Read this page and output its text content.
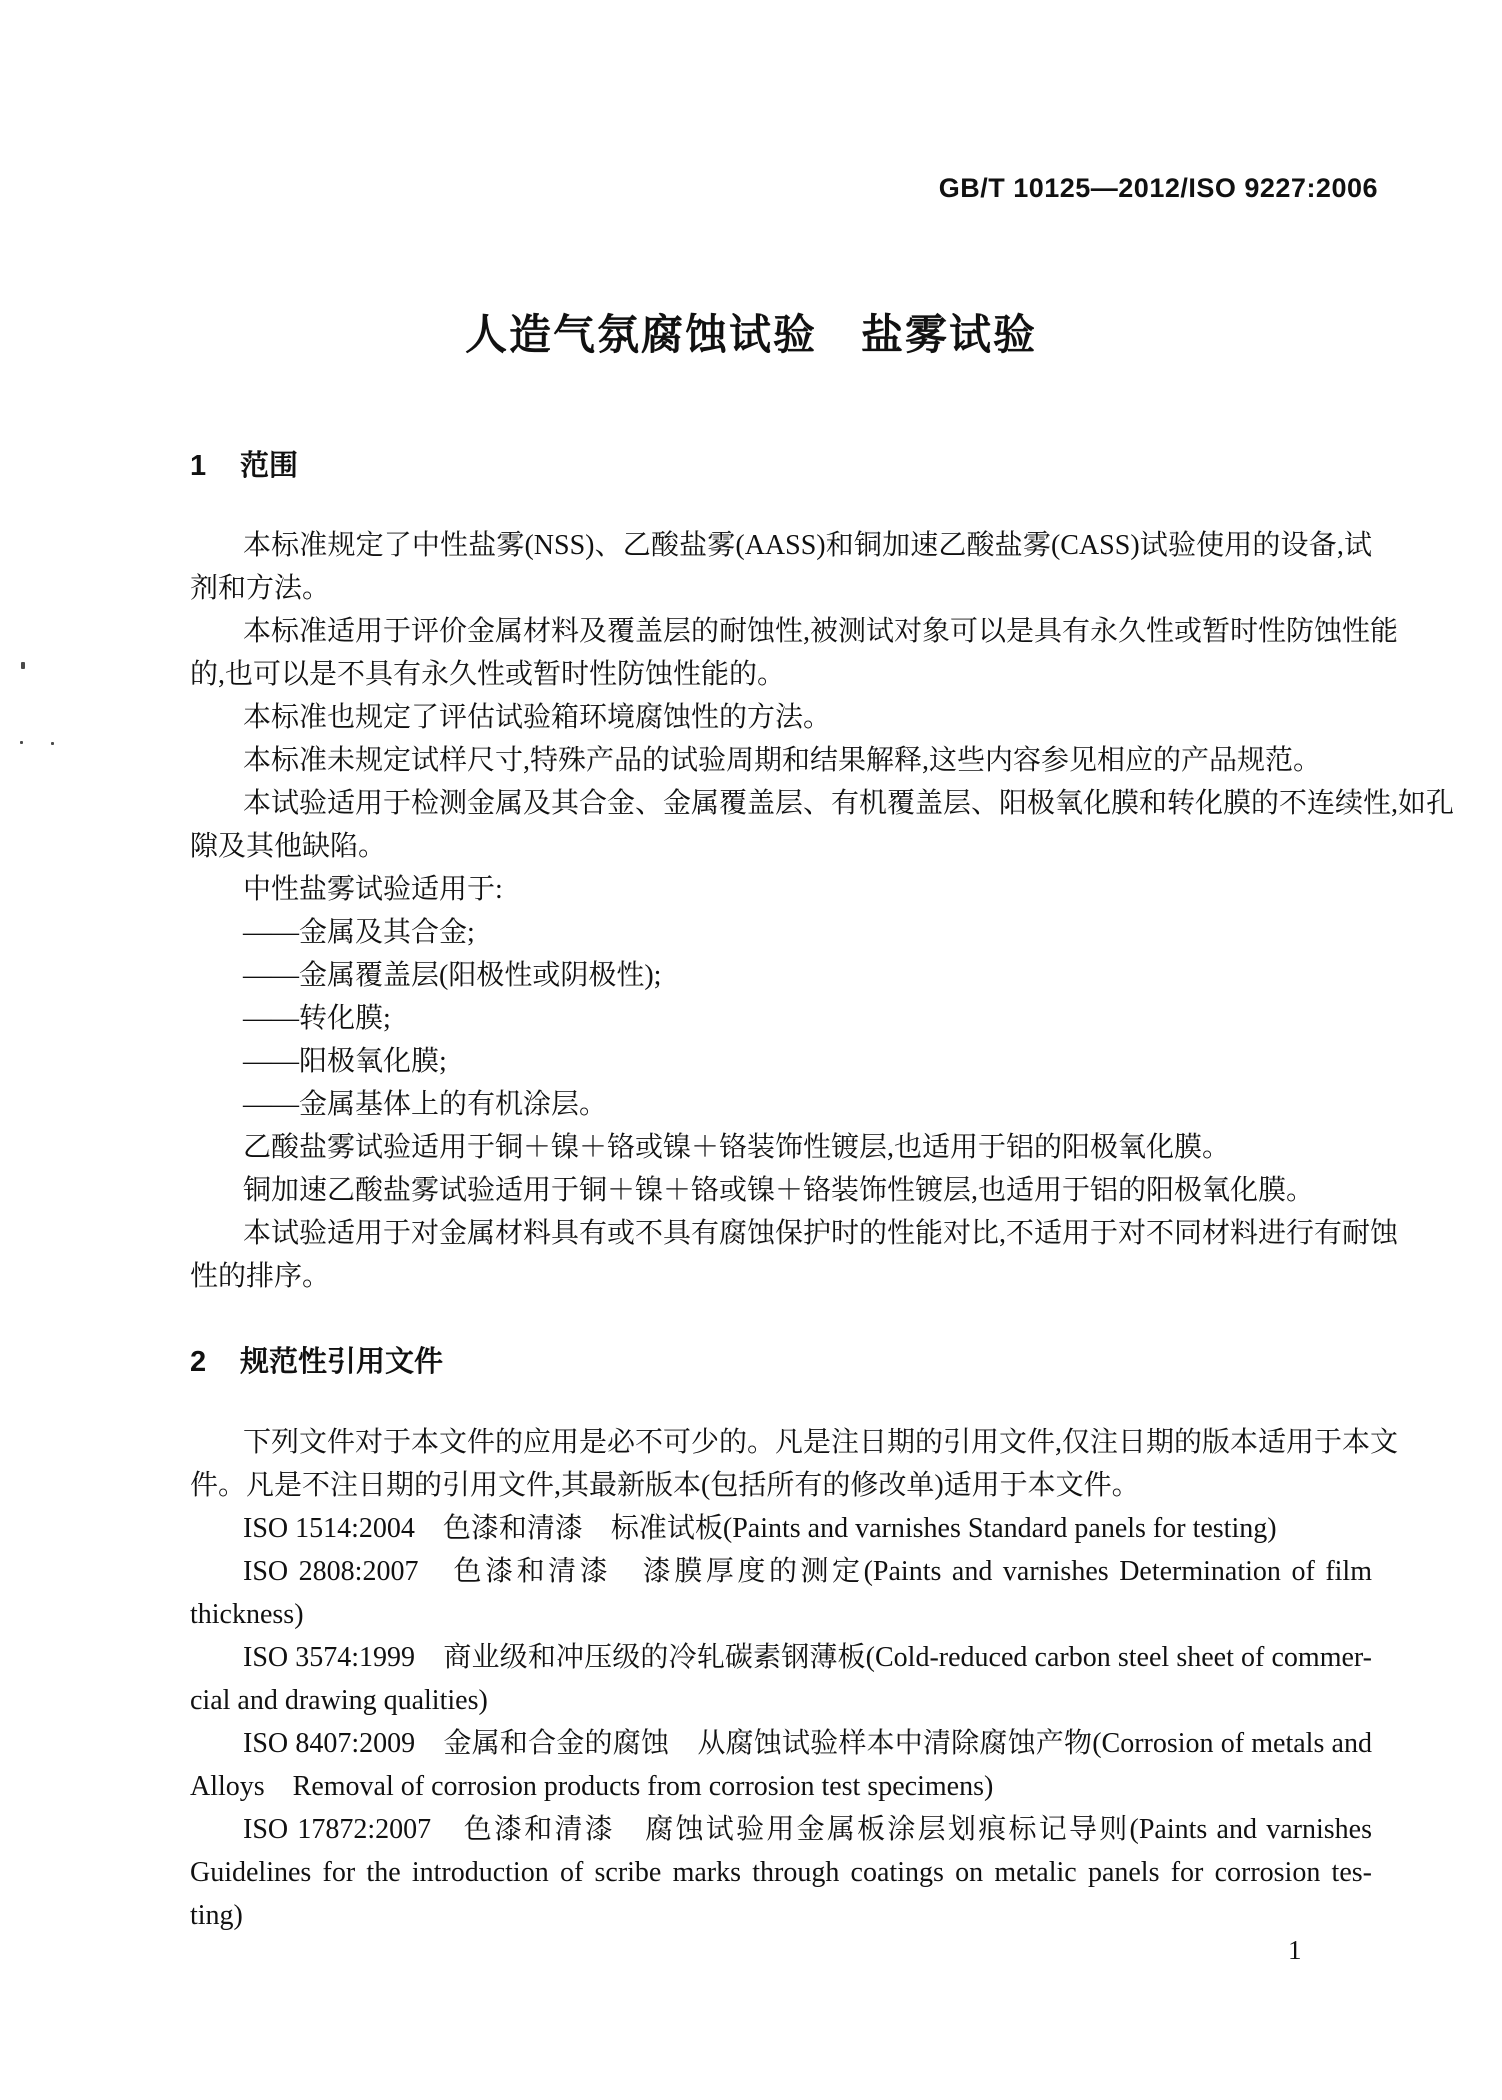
GB/T 10125—2012/ISO 9227:2006
人造气氛腐蚀试验　盐雾试验
1 范围
本标准规定了中性盐雾(NSS)、乙酸盐雾(AASS)和铜加速乙酸盐雾(CASS)试验使用的设备,试
剂和方法。
本标准适用于评价金属材料及覆盖层的耐蚀性,被测试对象可以是具有永久性或暂时性防蚀性能
的,也可以是不具有永久性或暂时性防蚀性能的。
本标准也规定了评估试验箱环境腐蚀性的方法。
本标准未规定试样尺寸,特殊产品的试验周期和结果解释,这些内容参见相应的产品规范。
本试验适用于检测金属及其合金、金属覆盖层、有机覆盖层、阳极氧化膜和转化膜的不连续性,如孔
隙及其他缺陷。
中性盐雾试验适用于:
——金属及其合金;
——金属覆盖层(阳极性或阴极性);
——转化膜;
——阳极氧化膜;
——金属基体上的有机涂层。
乙酸盐雾试验适用于铜＋镍＋铬或镍＋铬装饰性镀层,也适用于铝的阳极氧化膜。
铜加速乙酸盐雾试验适用于铜＋镍＋铬或镍＋铬装饰性镀层,也适用于铝的阳极氧化膜。
本试验适用于对金属材料具有或不具有腐蚀保护时的性能对比,不适用于对不同材料进行有耐蚀
性的排序。
2 规范性引用文件
下列文件对于本文件的应用是必不可少的。凡是注日期的引用文件,仅注日期的版本适用于本文
件。凡是不注日期的引用文件,其最新版本(包括所有的修改单)适用于本文件。
ISO 1514:2004　色漆和清漆　标准试板(Paints and varnishes Standard panels for testing)
ISO 2808:2007　色漆和清漆　漆膜厚度的测定(Paints and varnishes Determination of film
thickness)
ISO 3574:1999　商业级和冲压级的冷轧碳素钢薄板(Cold-reduced carbon steel sheet of commer-
cial and drawing qualities)
ISO 8407:2009　金属和合金的腐蚀　从腐蚀试验样本中清除腐蚀产物(Corrosion of metals and
Alloys　Removal of corrosion products from corrosion test specimens)
ISO 17872:2007　色漆和清漆　腐蚀试验用金属板涂层划痕标记导则(Paints and varnishes
Guidelines for the introduction of scribe marks through coatings on metalic panels for corrosion tes-
ting)
1
